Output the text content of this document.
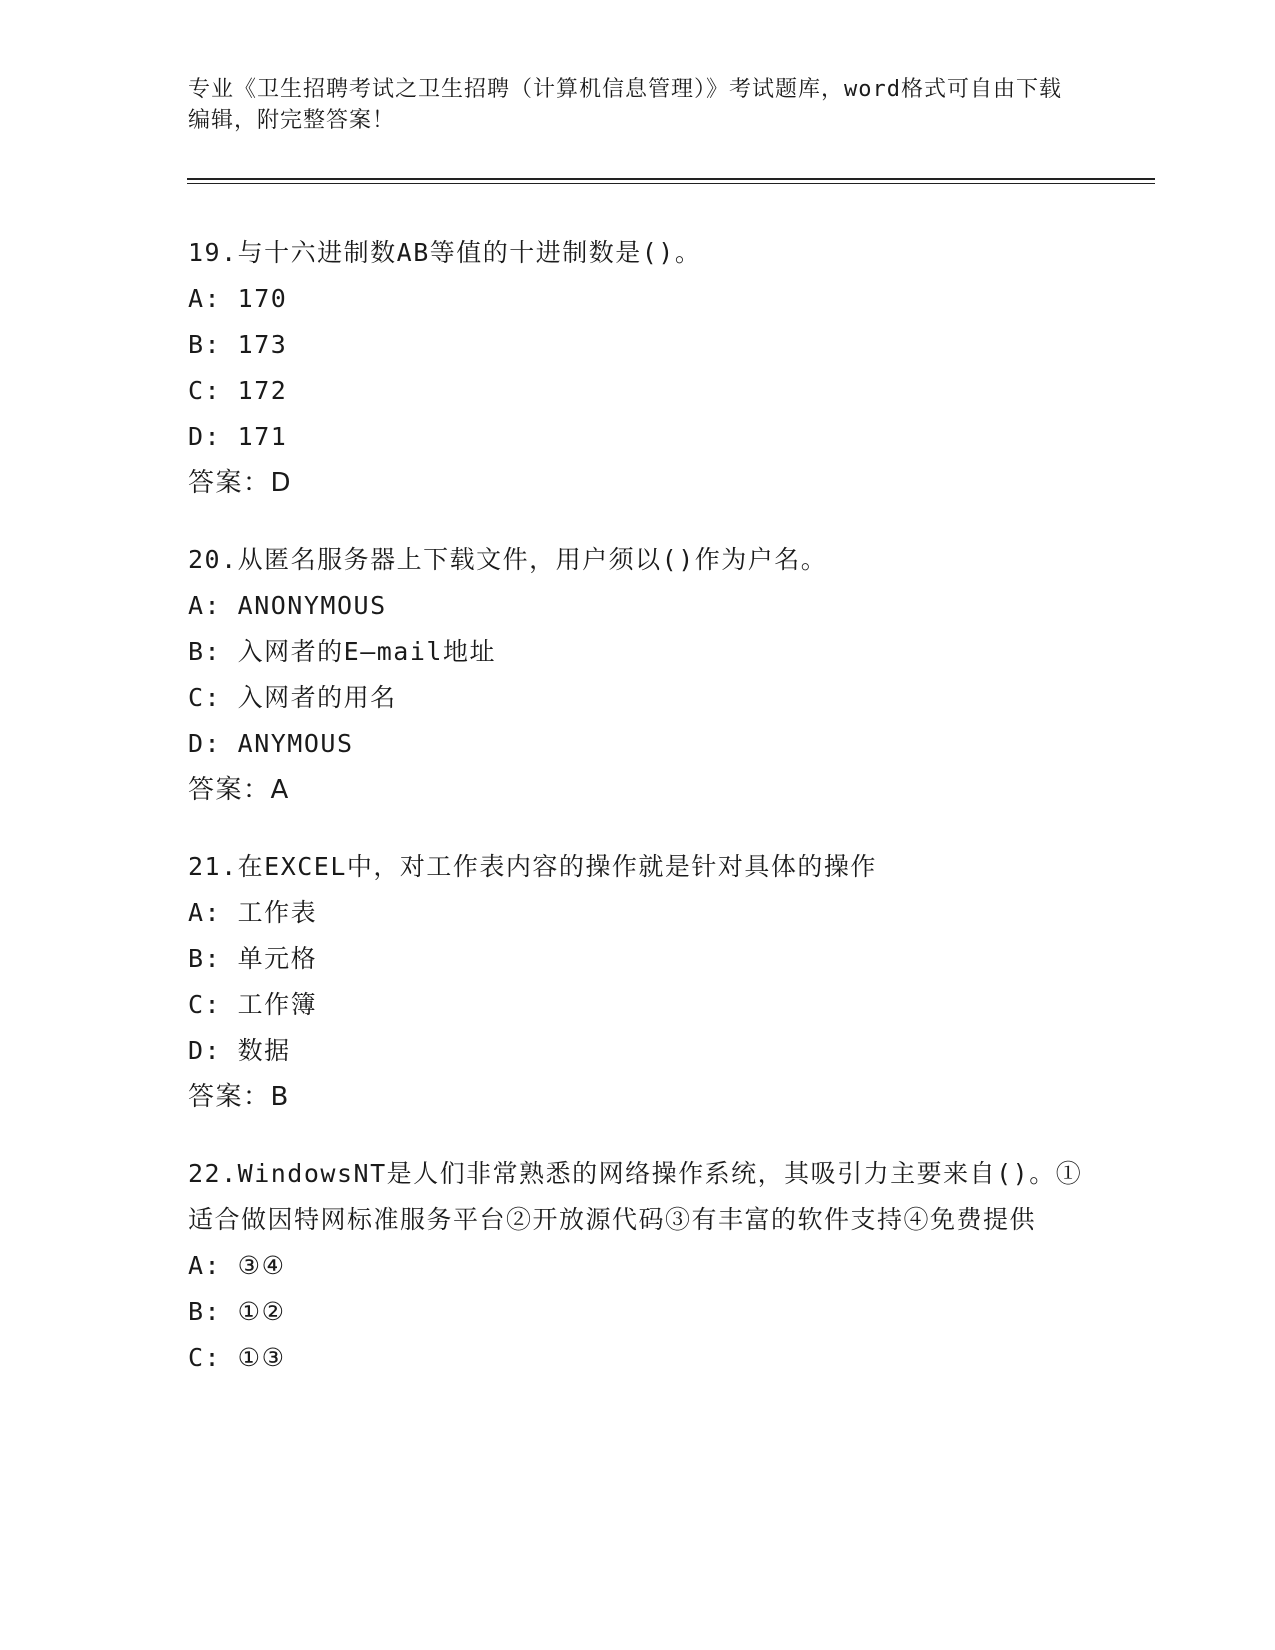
专业《卫生招聘考试之卫生招聘（计算机信息管理）》考试题库，word格式可自由下载编辑，附完整答案！

19.与十六进制数AB等值的十进制数是()。

A: 170

B: 173

C: 172

D: 171

答案：D

20.从匿名服务器上下载文件，用户须以()作为户名。

A: ANONYMOUS

B: 入网者的E—mail地址

C: 入网者的用名

D: ANYMOUS

答案：A

21.在EXCEL中，对工作表内容的操作就是针对具体的操作

A: 工作表

B: 单元格

C: 工作簿

D: 数据

答案：B

22.WindowsNT是人们非常熟悉的网络操作系统，其吸引力主要来自()。①适合做因特网标准服务平台②开放源代码③有丰富的软件支持④免费提供

A: ③④

B: ①②

C: ①③
